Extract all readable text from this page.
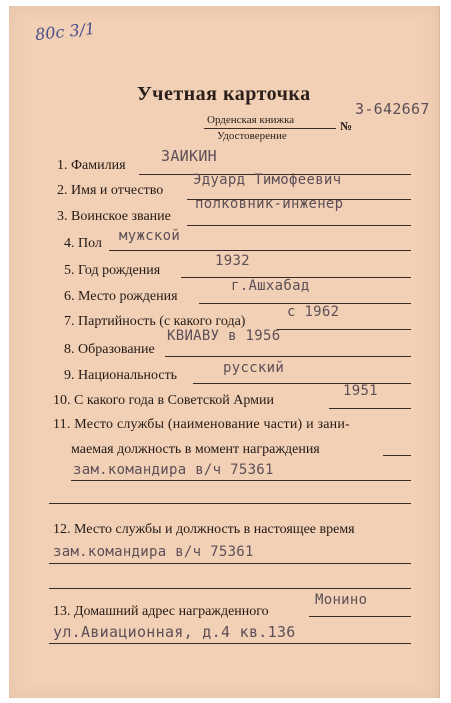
80с 3/1
Учетная карточка
Орденская книжка	№
3-642667
Удостоверение
1. Фамилия
ЗАИКИН
2. Имя и отчество
Эдуард Тимофеевич
3. Воинское звание
полковник-инженер
4. Пол мужской
5. Год рождения
1932
6. Место рождения
г.Ашхабад
7. Партийность (с какого года)
с 1962
8. Образование
КВИАВУ в 1956
9. Национальность	русский
10. С какого года в Советской Армии
1951
11. Место службы (наименование части) и зани-
маемая должность в момент награждения
зам.командира в/ч 75361
12. Место службы и должность в настоящее время
зам.командира в/ч 75361
13. Домашний адрес награжденного
Монино
ул.Авиационная, д.4 кв.136
